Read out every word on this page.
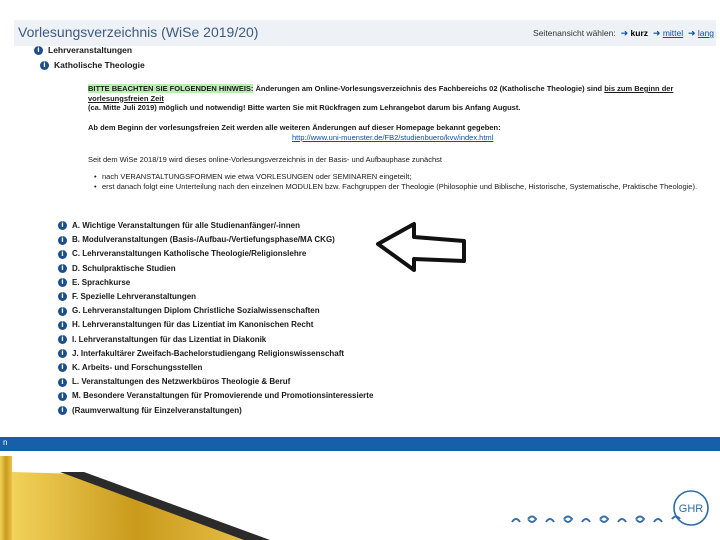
Vorlesungsverzeichnis (WiSe 2019/20)	Seitenansicht wählen:  ➜ kurz  ➜ mittel  ➜ lang
i Lehrveranstaltungen
i Katholische Theologie
BITTE BEACHTEN SIE FOLGENDEN HINWEIS: Änderungen am Online-Vorlesungsverzeichnis des Fachbereichs 02 (Katholische Theologie) sind bis zum Beginn der vorlesungsfreien Zeit
(ca. Mitte Juli 2019) möglich und notwendig! Bitte warten Sie mit Rückfragen zum Lehrangebot darum bis Anfang August.
Ab dem Beginn der vorlesungsfreien Zeit werden alle weiteren Änderungen auf dieser Homepage bekannt gegeben:
http://www.uni-muenster.de/FB2/studienbuero/kvv/index.html
Seit dem WiSe 2018/19 wird dieses online-Vorlesungsverzeichnis in der Basis- und Aufbauphase zunächst
• nach VERANSTALTUNGSFORMEN wie etwa VORLESUNGEN oder SEMINAREN eingeteilt;
• erst danach folgt eine Unterteilung nach den einzelnen MODULEN bzw. Fachgruppen der Theologie (Philosophie und Biblische, Historische, Systematische, Praktische Theologie).
i A. Wichtige Veranstaltungen für alle Studienanfänger/-innen
i B. Modulveranstaltungen (Basis-/Aufbau-/Vertiefungsphase/MA CKG)
i C. Lehrveranstaltungen Katholische Theologie/Religionslehre
i D. Schulpraktische Studien
i E. Sprachkurse
i F. Spezielle Lehrveranstaltungen
i G. Lehrveranstaltungen Diplom Christliche Sozialwissenschaften
i H. Lehrveranstaltungen für das Lizentiat im Kanonischen Recht
i I. Lehrveranstaltungen für das Lizentiat in Diakonik
i J. Interfakultärer Zweifach-Bachelorstudiengang Religionswissenschaft
i K. Arbeits- und Forschungsstellen
i L. Veranstaltungen des Netzwerkbüros Theologie & Beruf
i M. Besondere Veranstaltungen für Promovierende und Promotionsinteressierte
i (Raumverwaltung für Einzelveranstaltungen)
n
GHR
